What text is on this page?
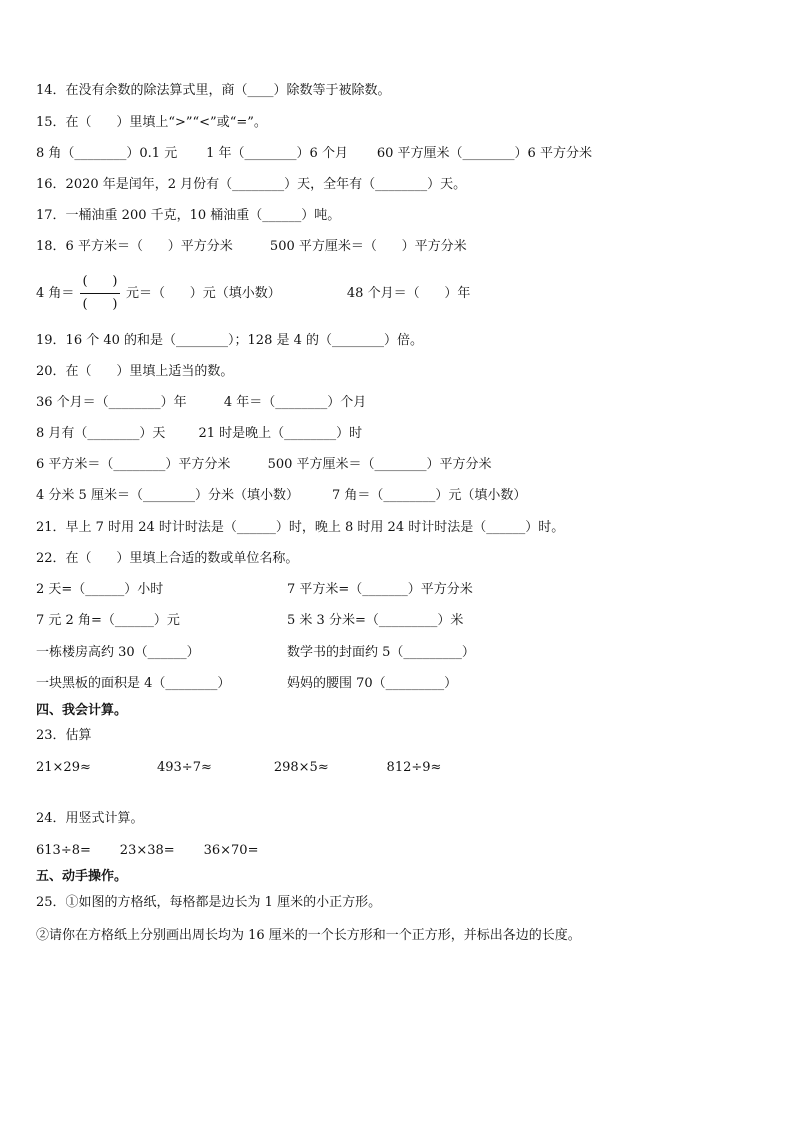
14．在没有余数的除法算式里，商（____）除数等于被除数。
15．在（      ）里填上“>”“<”或“=”。
8 角（________）0.1 元       1 年（________）6 个月       60 平方厘米（________）6 平方分米
16．2020 年是闰年，2 月份有（________）天，全年有（________）天。
17．一桶油重 200 千克，10 桶油重（______）吨。
18．6 平方米＝（      ）平方分米         500 平方厘米＝（      ）平方分米
4 角＝
(      )
(      )
元＝（      ）元（填小数）                48 个月＝（      ）年
19．16 个 40 的和是（________）；128 是 4 的（________）倍。
20．在（      ）里填上适当的数。
36 个月＝（________）年         4 年＝（________）个月
8 月有（________）天        21 时是晚上（________）时
6 平方米＝（________）平方分米         500 平方厘米＝（________）平方分米
4 分米 5 厘米＝（________）分米（填小数）        7 角＝（________）元（填小数）
21．早上 7 时用 24 时计时法是（______）时，晚上 8 时用 24 时计时法是（______）时。
22．在（      ）里填上合适的数或单位名称。
2 天=（______）小时	7 平方米=（_______）平方分米
7 元 2 角=（______）元	5 米 3 分米=（_________）米
一栋楼房高约 30（______）	数学书的封面约 5（_________）
一块黑板的面积是 4（________）	妈妈的腰围 70（_________）
四、我会计算。
23．估算
21×29≈                493÷7≈               298×5≈              812÷9≈
24．用竖式计算。
613÷8=       23×38=       36×70=
五、动手操作。
25．①如图的方格纸，每格都是边长为 1 厘米的小正方形。
②请你在方格纸上分别画出周长均为 16 厘米的一个长方形和一个正方形，并标出各边的长度。
